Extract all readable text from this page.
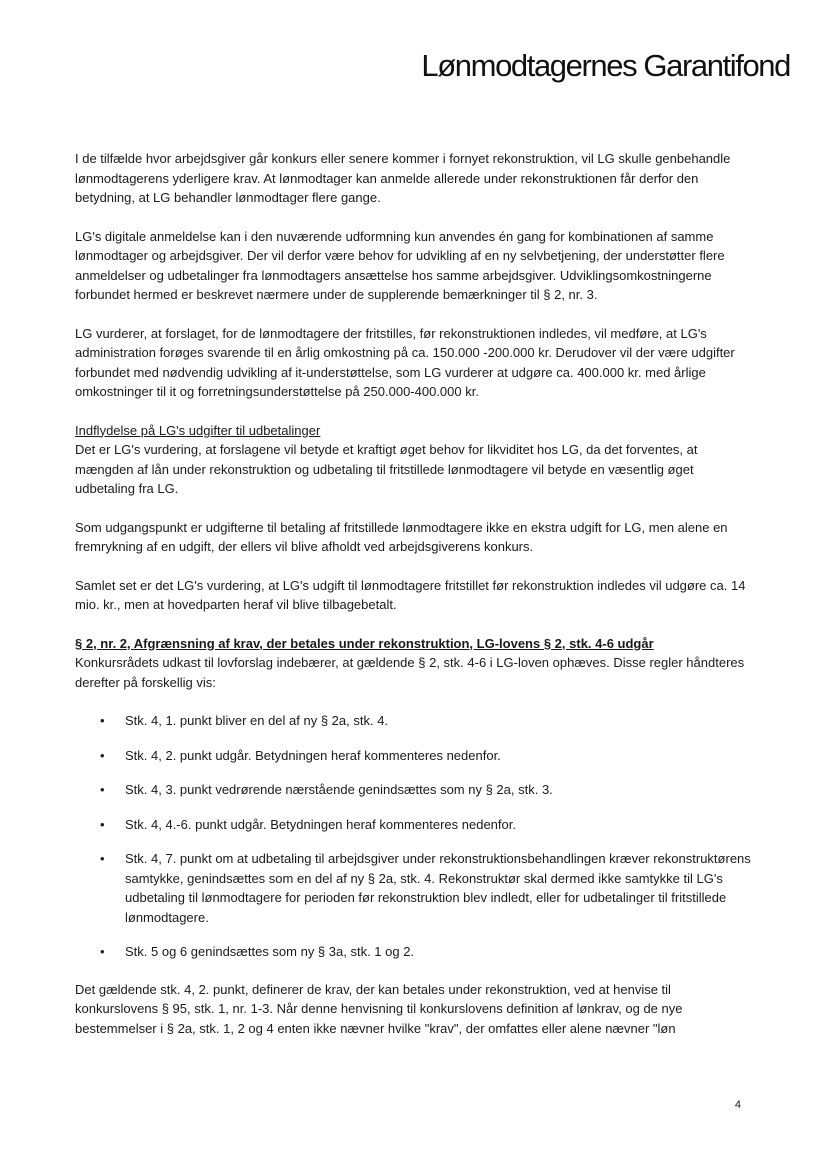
Lønmodtagernes Garantifond

I de tilfælde hvor arbejdsgiver går konkurs eller senere kommer i fornyet rekonstruktion, vil LG skulle genbehandle lønmodtagerens yderligere krav. At lønmodtager kan anmelde allerede under rekonstruktionen får derfor den betydning, at LG behandler lønmodtager flere gange.

LG's digitale anmeldelse kan i den nuværende udformning kun anvendes én gang for kombinationen af samme lønmodtager og arbejdsgiver. Der vil derfor være behov for udvikling af en ny selvbetjening, der understøtter flere anmeldelser og udbetalinger fra lønmodtagers ansættelse hos samme arbejdsgiver. Udviklingsomkostningerne forbundet hermed er beskrevet nærmere under de supplerende bemærkninger til § 2, nr. 3.

LG vurderer, at forslaget, for de lønmodtagere der fritstilles, før rekonstruktionen indledes, vil medføre, at LG's administration forøges svarende til en årlig omkostning på ca. 150.000 -200.000 kr. Derudover vil der være udgifter forbundet med nødvendig udvikling af it-understøttelse, som LG vurderer at udgøre ca. 400.000 kr. med årlige omkostninger til it og forretningsunderstøttelse på 250.000-400.000 kr.

Indflydelse på LG's udgifter til udbetalinger

Det er LG's vurdering, at forslagene vil betyde et kraftigt øget behov for likviditet hos LG, da det forventes, at mængden af lån under rekonstruktion og udbetaling til fritstillede lønmodtagere vil betyde en væsentlig øget udbetaling fra LG.

Som udgangspunkt er udgifterne til betaling af fritstillede lønmodtagere ikke en ekstra udgift for LG, men alene en fremrykning af en udgift, der ellers vil blive afholdt ved arbejdsgiverens konkurs.

Samlet set er det LG's vurdering, at LG's udgift til lønmodtagere fritstillet før rekonstruktion indledes vil udgøre ca. 14 mio. kr., men at hovedparten heraf vil blive tilbagebetalt.

§ 2, nr. 2, Afgrænsning af krav, der betales under rekonstruktion, LG-lovens § 2, stk. 4-6 udgår

Konkursrådets udkast til lovforslag indebærer, at gældende § 2, stk. 4-6 i LG-loven ophæves. Disse regler håndteres derefter på forskellig vis:

• Stk. 4, 1. punkt bliver en del af ny § 2a, stk. 4.
• Stk. 4, 2. punkt udgår. Betydningen heraf kommenteres nedenfor.
• Stk. 4, 3. punkt vedrørende nærstående genindsættes som ny § 2a, stk. 3.
• Stk. 4, 4.-6. punkt udgår. Betydningen heraf kommenteres nedenfor.
• Stk. 4, 7. punkt om at udbetaling til arbejdsgiver under rekonstruktionsbehandlingen kræver rekonstruktørens samtykke, genindsættes som en del af ny § 2a, stk. 4. Rekonstruktør skal dermed ikke samtykke til LG's udbetaling til lønmodtagere for perioden før rekonstruktion blev indledt, eller for udbetalinger til fritstillede lønmodtagere.
• Stk. 5 og 6 genindsættes som ny § 3a, stk. 1 og 2.

Det gældende stk. 4, 2. punkt, definerer de krav, der kan betales under rekonstruktion, ved at henvise til konkurslovens § 95, stk. 1, nr. 1-3. Når denne henvisning til konkurslovens definition af lønkrav, og de nye bestemmelser i § 2a, stk. 1, 2 og 4 enten ikke nævner hvilke "krav", der omfattes eller alene nævner "løn

4
